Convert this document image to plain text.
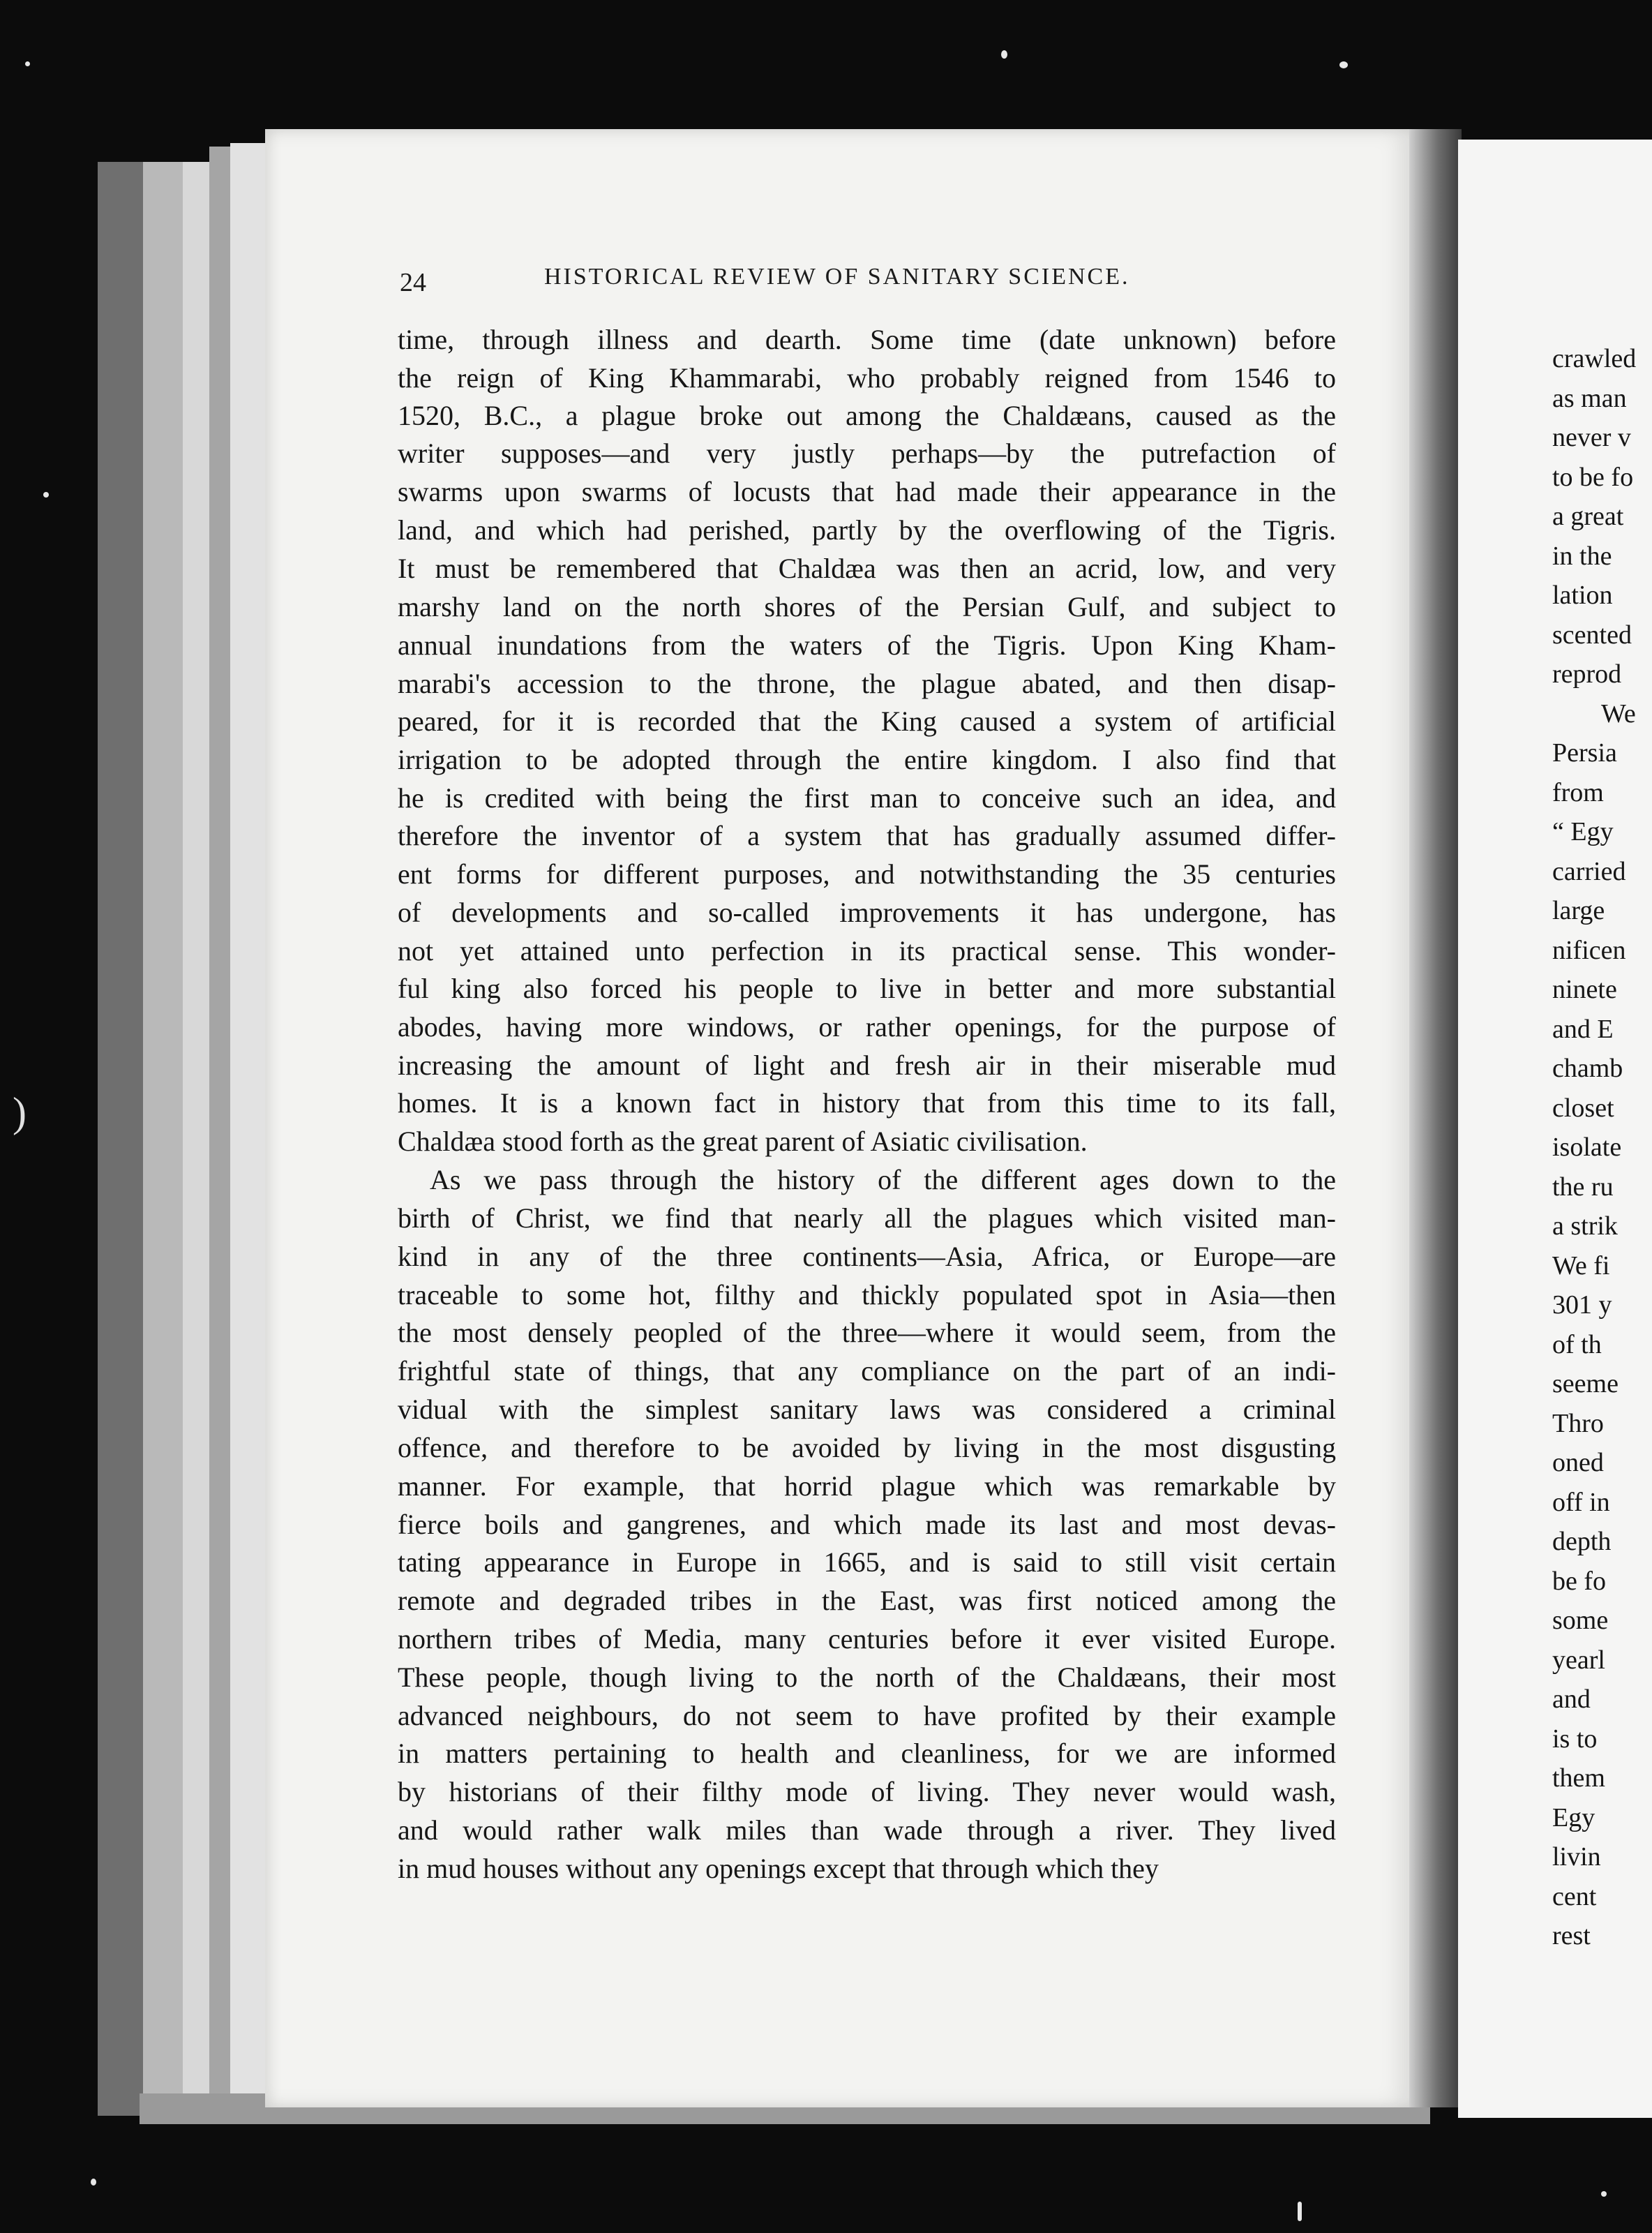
crawled
as man
never v
to be fo
a great
in the
lation
scented
reprod
We
Persia
from
“ Egy
carried
large
nificen
ninete
and E
chamb
closet
isolate
the ru
a strik
We fi
301 y
of th
seeme
Thro
oned
off in
depth
be fo
some
yearl
and
is to
them
Egy
livin
cent
rest
24	HISTORICAL REVIEW OF SANITARY SCIENCE.
time, through illness and dearth. Some time (date unknown) before
the reign of King Khammarabi, who probably reigned from 1546 to
1520, B.C., a plague broke out among the Chaldæans, caused as the
writer supposes—and very justly perhaps—by the putrefaction of
swarms upon swarms of locusts that had made their appearance in the
land, and which had perished, partly by the overflowing of the Tigris.
It must be remembered that Chaldæa was then an acrid, low, and very
marshy land on the north shores of the Persian Gulf, and subject to
annual inundations from the waters of the Tigris. Upon King Kham-
marabi's accession to the throne, the plague abated, and then disap-
peared, for it is recorded that the King caused a system of artificial
irrigation to be adopted through the entire kingdom. I also find that
he is credited with being the first man to conceive such an idea, and
therefore the inventor of a system that has gradually assumed differ-
ent forms for different purposes, and notwithstanding the 35 centuries
of developments and so-called improvements it has undergone, has
not yet attained unto perfection in its practical sense. This wonder-
ful king also forced his people to live in better and more substantial
abodes, having more windows, or rather openings, for the purpose of
increasing the amount of light and fresh air in their miserable mud
homes. It is a known fact in history that from this time to its fall,
Chaldæa stood forth as the great parent of Asiatic civilisation.
As we pass through the history of the different ages down to the
birth of Christ, we find that nearly all the plagues which visited man-
kind in any of the three continents—Asia, Africa, or Europe—are
traceable to some hot, filthy and thickly populated spot in Asia—then
the most densely peopled of the three—where it would seem, from the
frightful state of things, that any compliance on the part of an indi-
vidual with the simplest sanitary laws was considered a criminal
offence, and therefore to be avoided by living in the most disgusting
manner. For example, that horrid plague which was remarkable by
fierce boils and gangrenes, and which made its last and most devas-
tating appearance in Europe in 1665, and is said to still visit certain
remote and degraded tribes in the East, was first noticed among the
northern tribes of Media, many centuries before it ever visited Europe.
These people, though living to the north of the Chaldæans, their most
advanced neighbours, do not seem to have profited by their example
in matters pertaining to health and cleanliness, for we are informed
by historians of their filthy mode of living. They never would wash,
and would rather walk miles than wade through a river. They lived
in mud houses without any openings except that through which they
)
